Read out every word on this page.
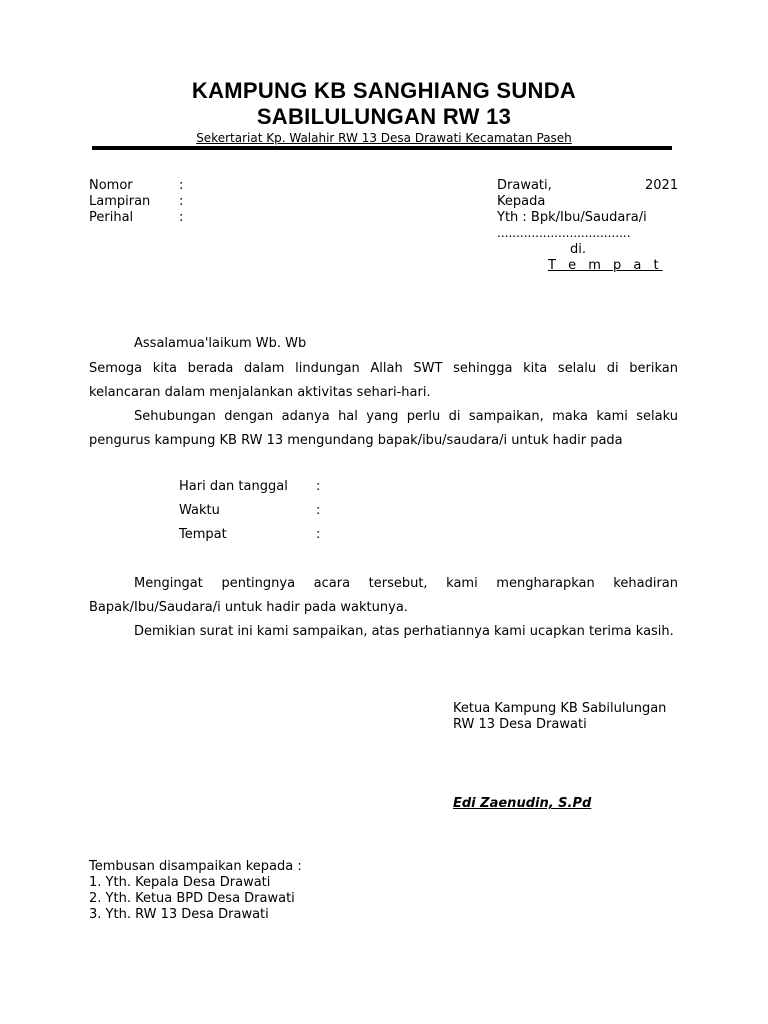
KAMPUNG KB SANGHIANG SUNDA
SABILULUNGAN RW 13
Sekertariat Kp. Walahir RW 13 Desa Drawati Kecamatan Paseh
Nomor	:
Lampiran :
Perihal	:
Drawati,	2021
Kepada
Yth : Bpk/Ibu/Saudara/i
...................................
di.
T e m p a t
Assalamua'laikum Wb. Wb
Semoga kita berada dalam lindungan Allah SWT sehingga kita selalu di berikan kelancaran dalam menjalankan aktivitas sehari-hari.
Sehubungan dengan adanya hal yang perlu di sampaikan, maka kami selaku pengurus kampung KB RW 13 mengundang bapak/ibu/saudara/i untuk hadir pada
Hari dan tanggal :
Waktu	:
Tempat	:
Mengingat pentingnya acara tersebut, kami mengharapkan kehadiran Bapak/Ibu/Saudara/i untuk hadir pada waktunya.
Demikian surat ini kami sampaikan, atas perhatiannya kami ucapkan terima kasih.
Ketua Kampung KB Sabilulungan
RW 13 Desa Drawati
Edi Zaenudin, S.Pd
Tembusan disampaikan kepada :
1. Yth. Kepala Desa Drawati
2. Yth. Ketua BPD Desa Drawati
3. Yth. RW 13 Desa Drawati
